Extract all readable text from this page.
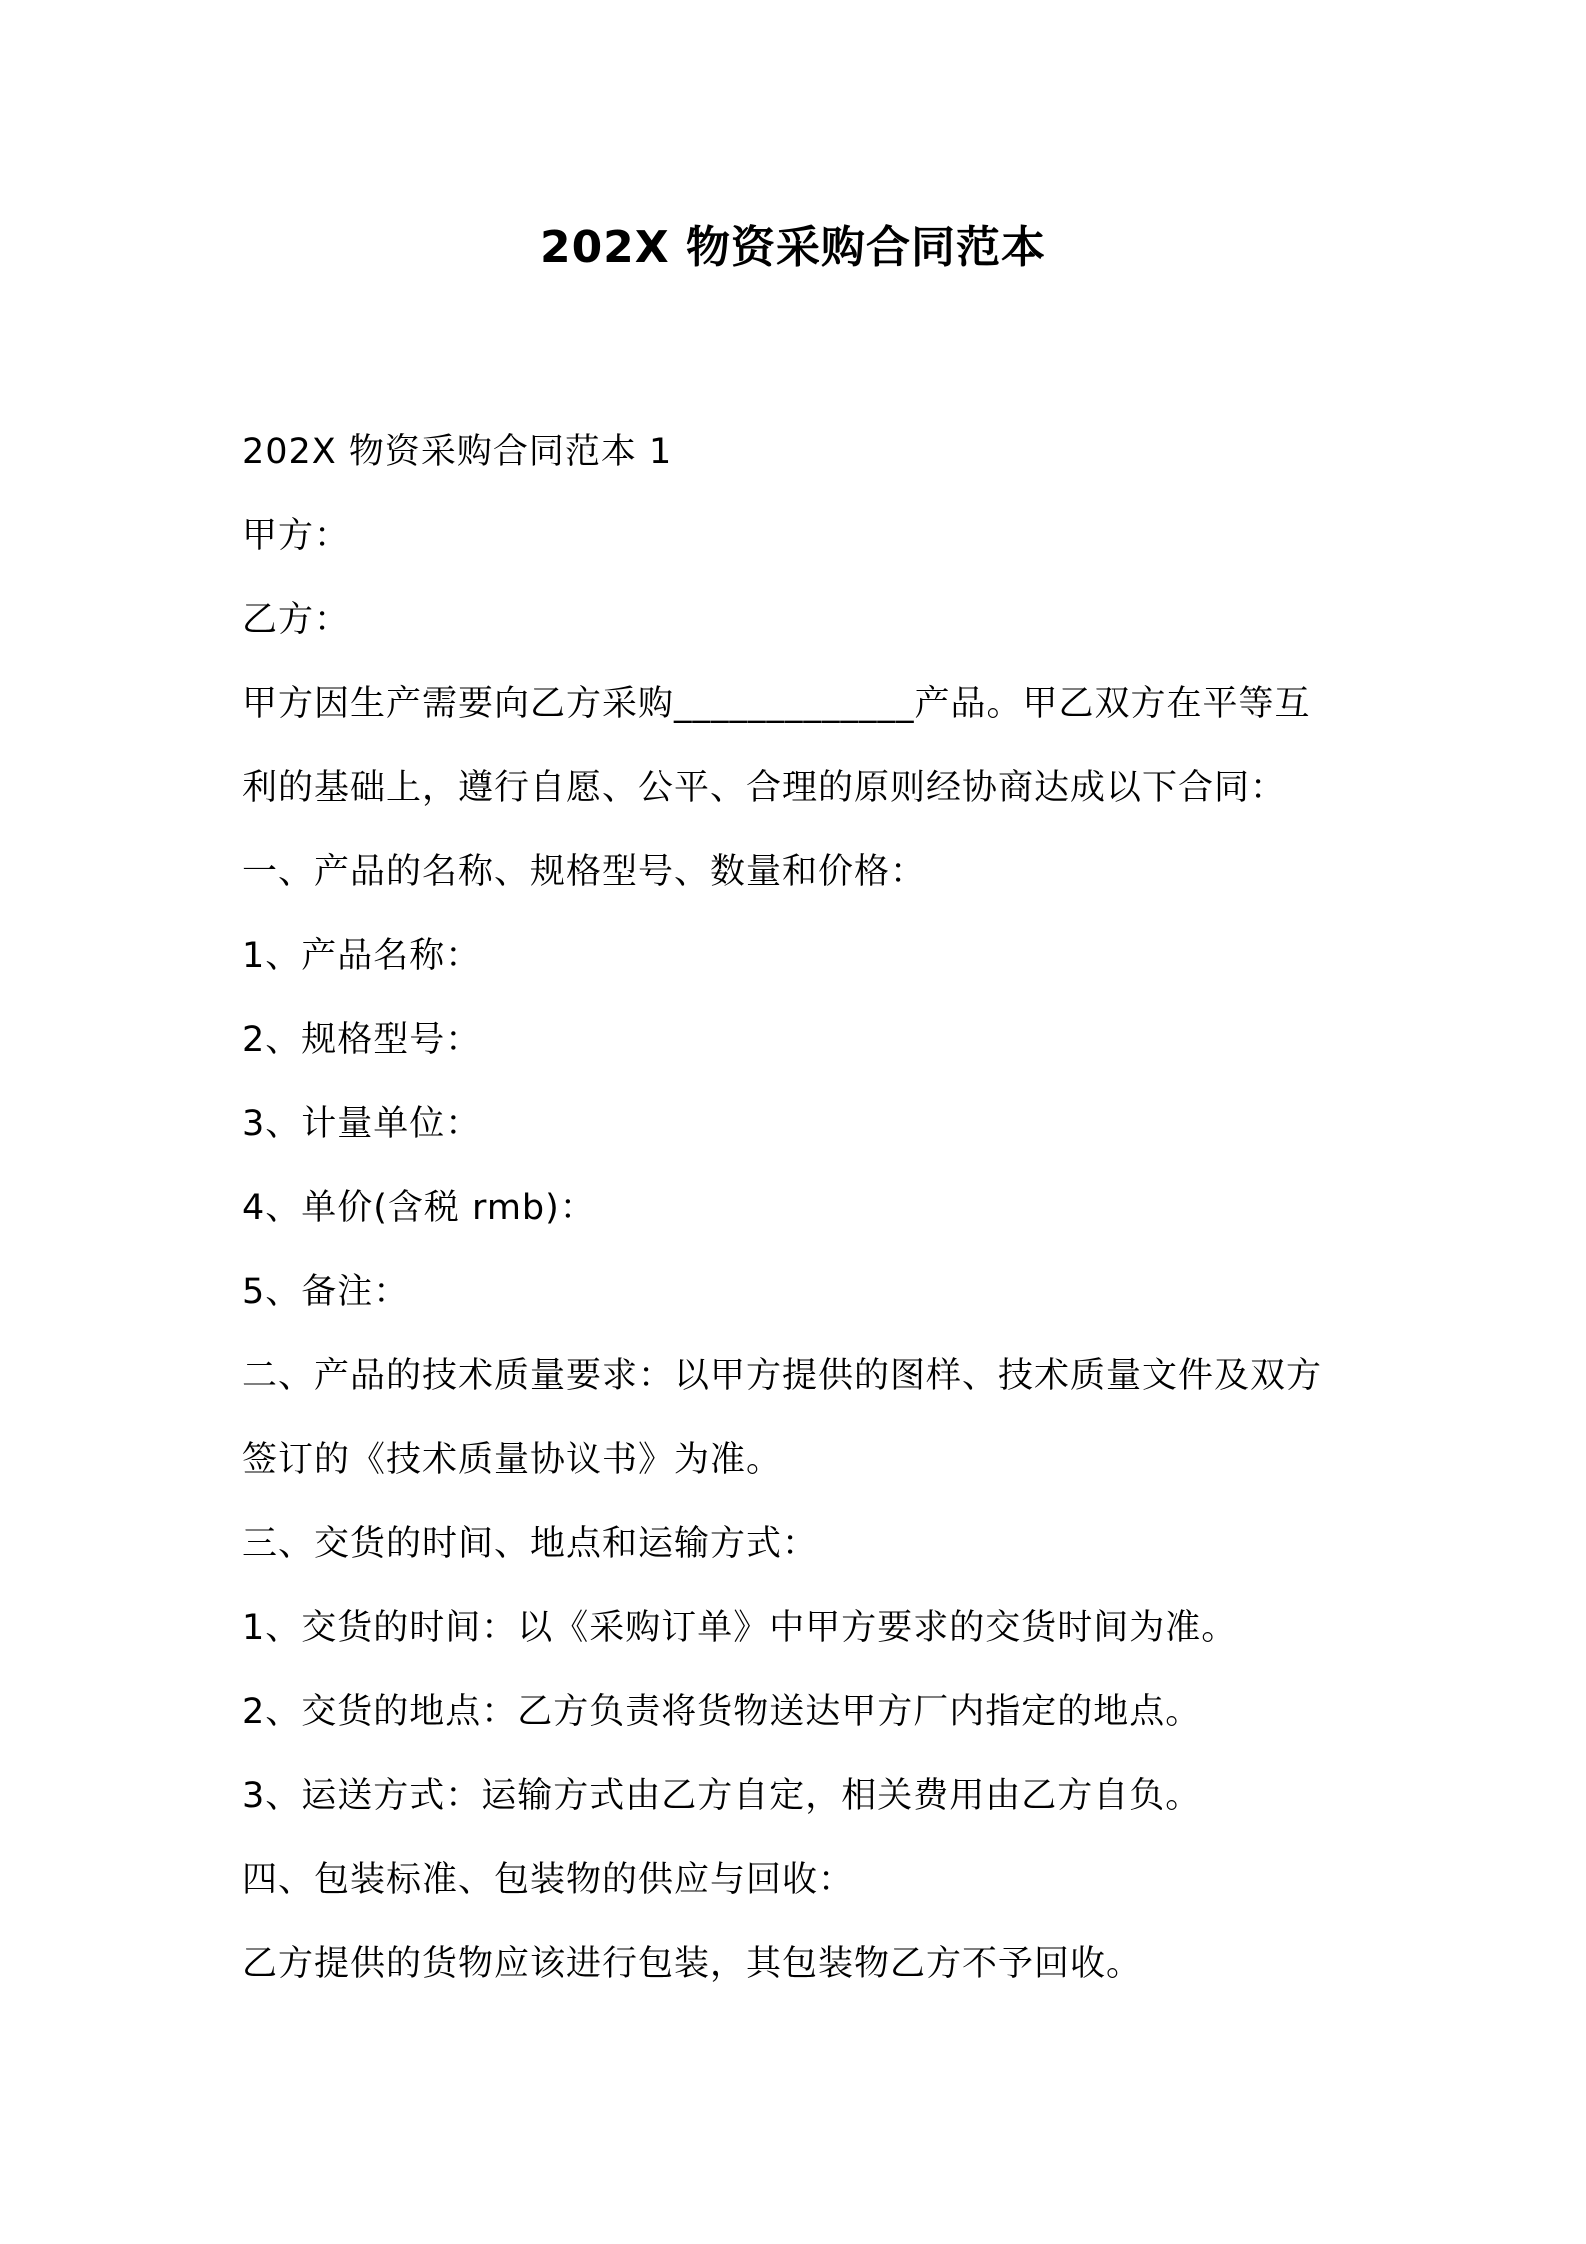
202X 物资采购合同范本

202X 物资采购合同范本 1

甲方：

乙方：

甲方因生产需要向乙方采购_____________产品。甲乙双方在平等互

利的基础上，遵行自愿、公平、合理的原则经协商达成以下合同：

一、产品的名称、规格型号、数量和价格：

1、产品名称：

2、规格型号：

3、计量单位：

4、单价(含税 rmb)：

5、备注：

二、产品的技术质量要求：以甲方提供的图样、技术质量文件及双方

签订的《技术质量协议书》为准。

三、交货的时间、地点和运输方式：

1、交货的时间：以《采购订单》中甲方要求的交货时间为准。

2、交货的地点：乙方负责将货物送达甲方厂内指定的地点。

3、运送方式：运输方式由乙方自定，相关费用由乙方自负。

四、包装标准、包装物的供应与回收：

乙方提供的货物应该进行包装，其包装物乙方不予回收。
